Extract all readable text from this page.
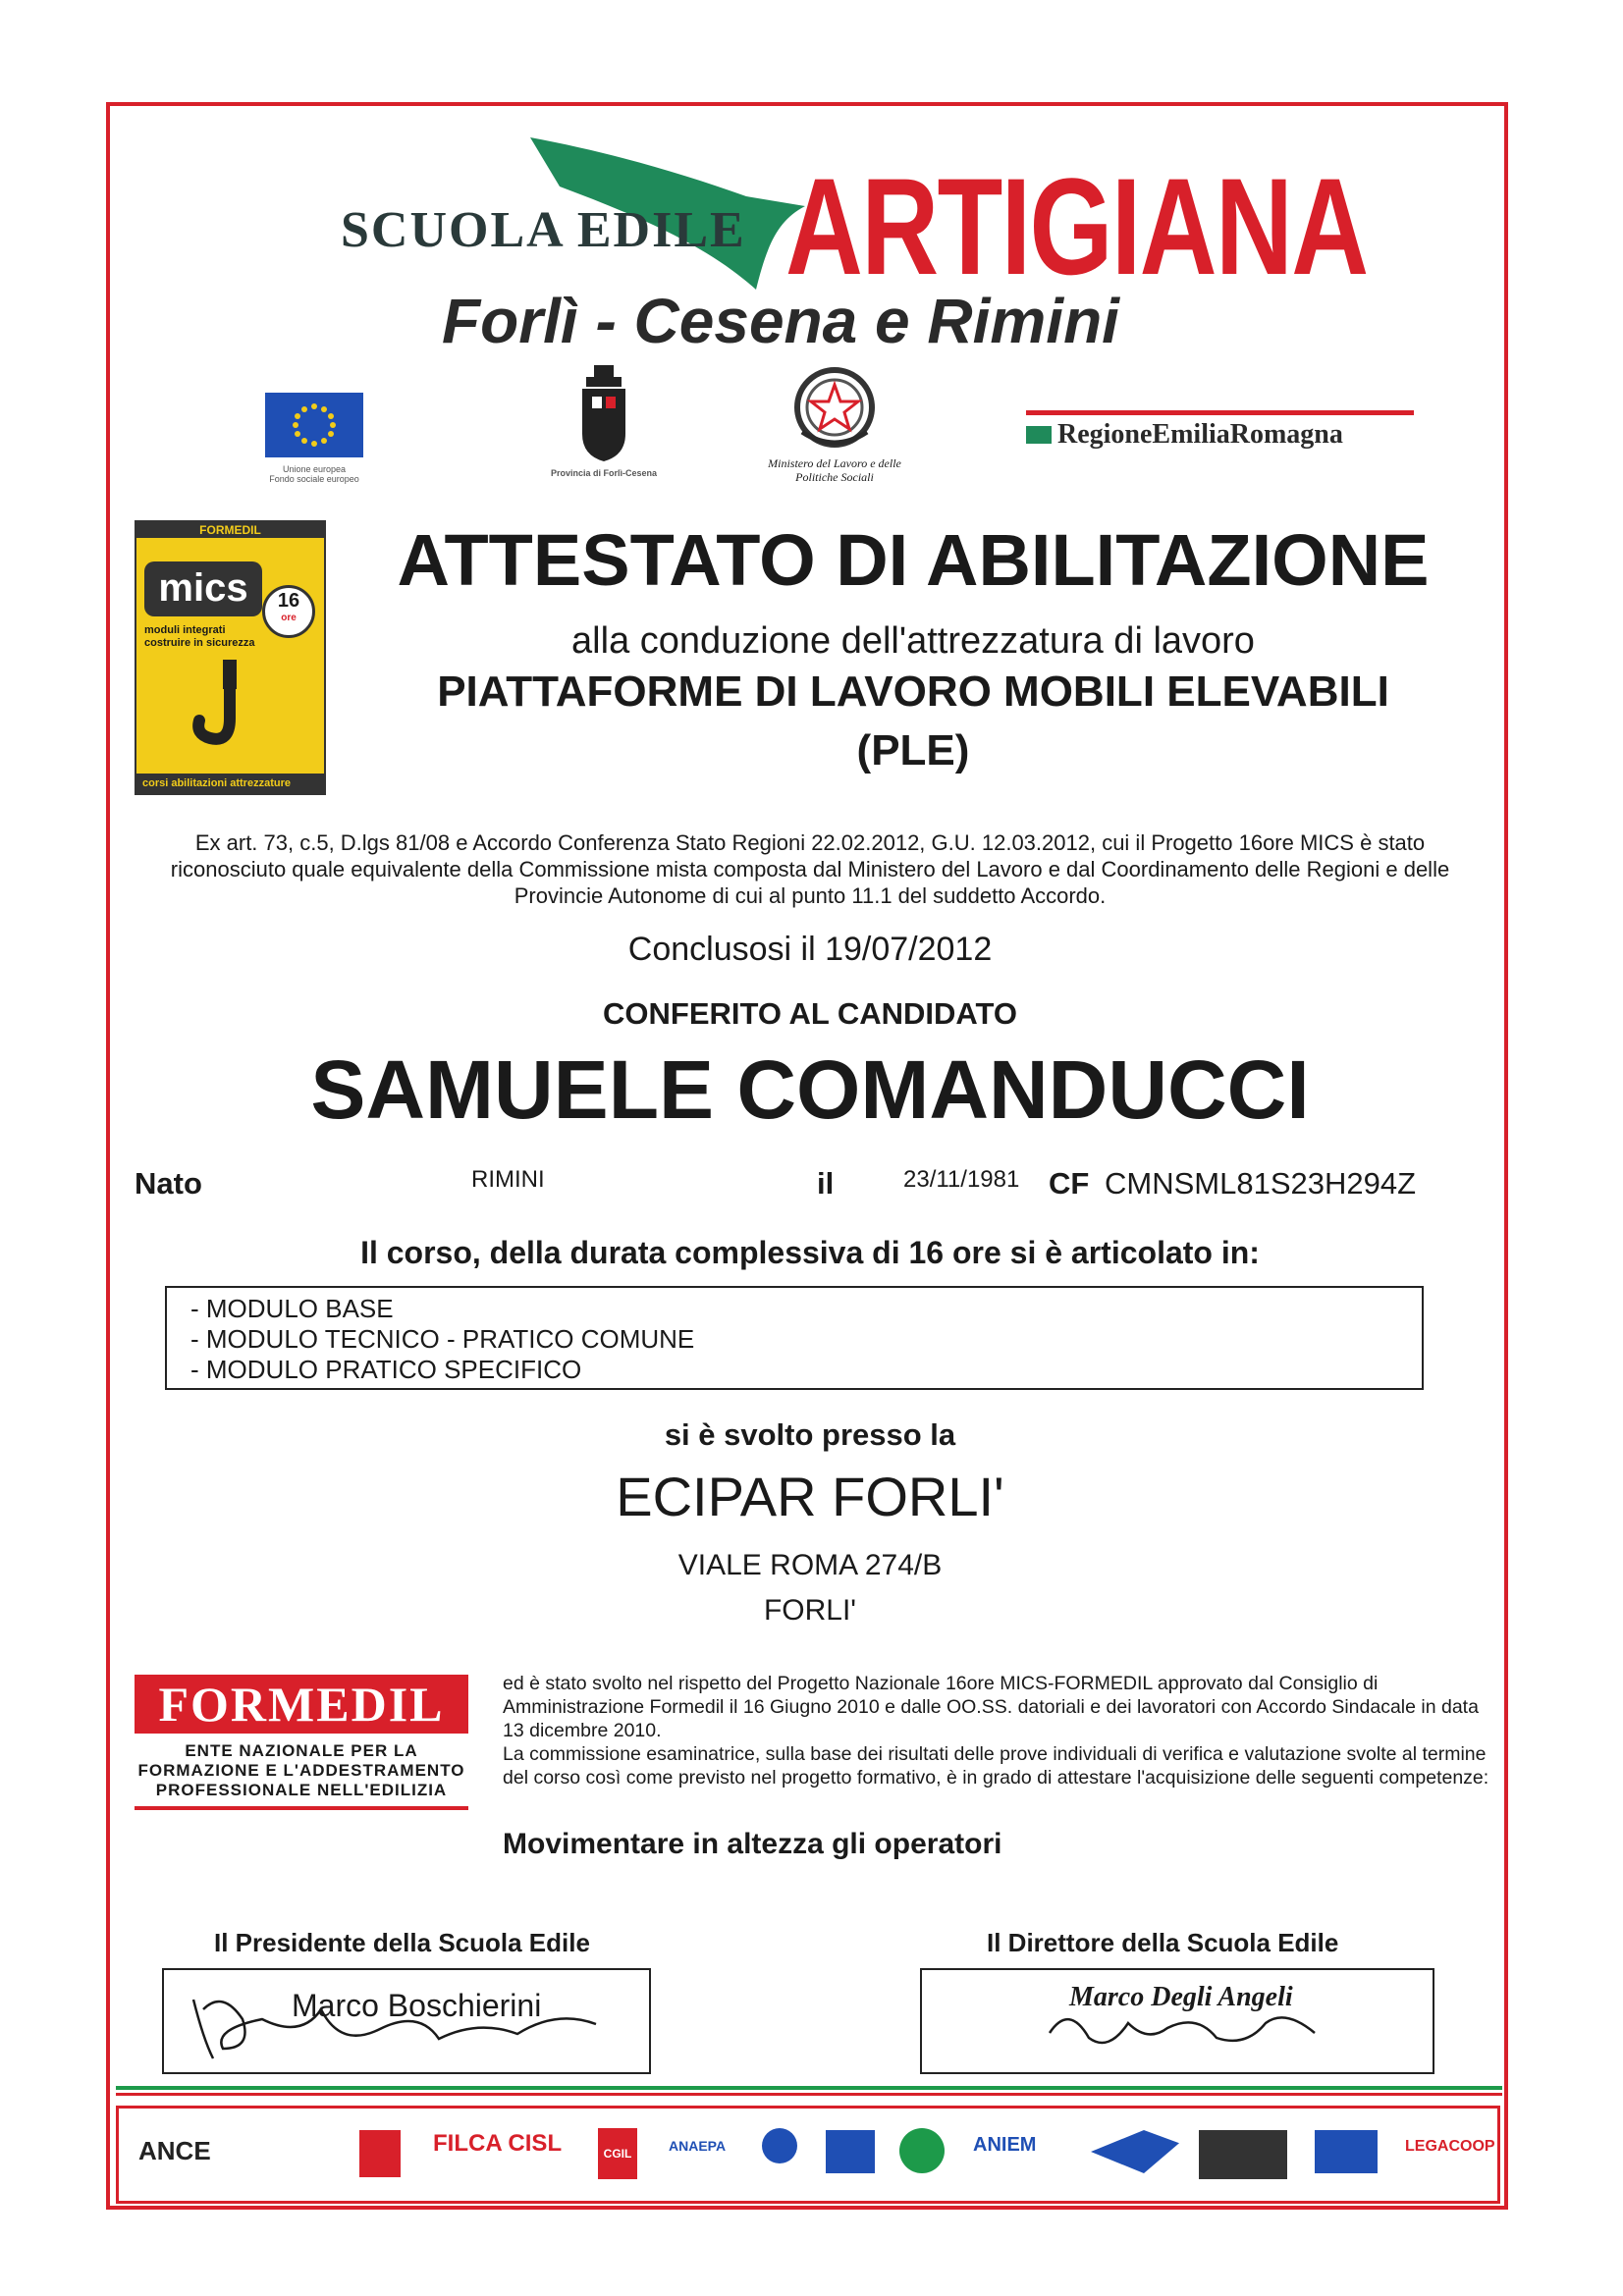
SCUOLA EDILE ARTIGIANA
Forlì - Cesena e Rimini
Unione europea
Fondo sociale europeo
Provincia di Forlì-Cesena
Ministero del Lavoro e delle Politiche Sociali
RegioneEmiliaRomagna
FORMEDIL
mics	16
ore
moduli integrati costruire in sicurezza
corsi abilitazioni attrezzature
ATTESTATO DI ABILITAZIONE
alla conduzione dell'attrezzatura di lavoro
PIATTAFORME DI LAVORO MOBILI ELEVABILI
(PLE)
Ex art. 73, c.5, D.lgs 81/08 e Accordo Conferenza Stato Regioni 22.02.2012, G.U. 12.03.2012, cui il Progetto 16ore MICS è stato riconosciuto quale equivalente della Commissione mista composta dal Ministero del Lavoro e dal Coordinamento delle Regioni e delle Provincie Autonome di cui al punto 11.1 del suddetto Accordo.
Conclusosi il 19/07/2012
CONFERITO AL CANDIDATO
SAMUELE COMANDUCCI
Nato	RIMINI	il	23/11/1981 CF CMNSML81S23H294Z
Il corso, della durata complessiva di 16 ore si è articolato in:
- MODULO BASE
- MODULO TECNICO - PRATICO COMUNE
- MODULO PRATICO SPECIFICO
si è svolto presso la
ECIPAR FORLI'
VIALE ROMA 274/B
FORLI'
FORMEDIL
ENTE NAZIONALE PER LA
FORMAZIONE E L'ADDESTRAMENTO
PROFESSIONALE NELL'EDILIZIA
ed è stato svolto nel rispetto del Progetto Nazionale 16ore MICS-FORMEDIL approvato dal Consiglio di Amministrazione Formedil il 16 Giugno 2010 e dalle OO.SS. datoriali e dei lavoratori con Accordo Sindacale in data 13 dicembre 2010.
La commissione esaminatrice, sulla base dei risultati delle prove individuali di verifica e valutazione svolte al termine del corso così come previsto nel progetto formativo, è in grado di attestare l'acquisizione delle seguenti competenze:
Movimentare in altezza gli operatori
Il Presidente della Scuola Edile
Marco Boschierini
Il Direttore della Scuola Edile
Marco Degli Angeli
ANCE	FILCA CISL	CGIL	ANAEPA	ANIEM	LEGACOOP
